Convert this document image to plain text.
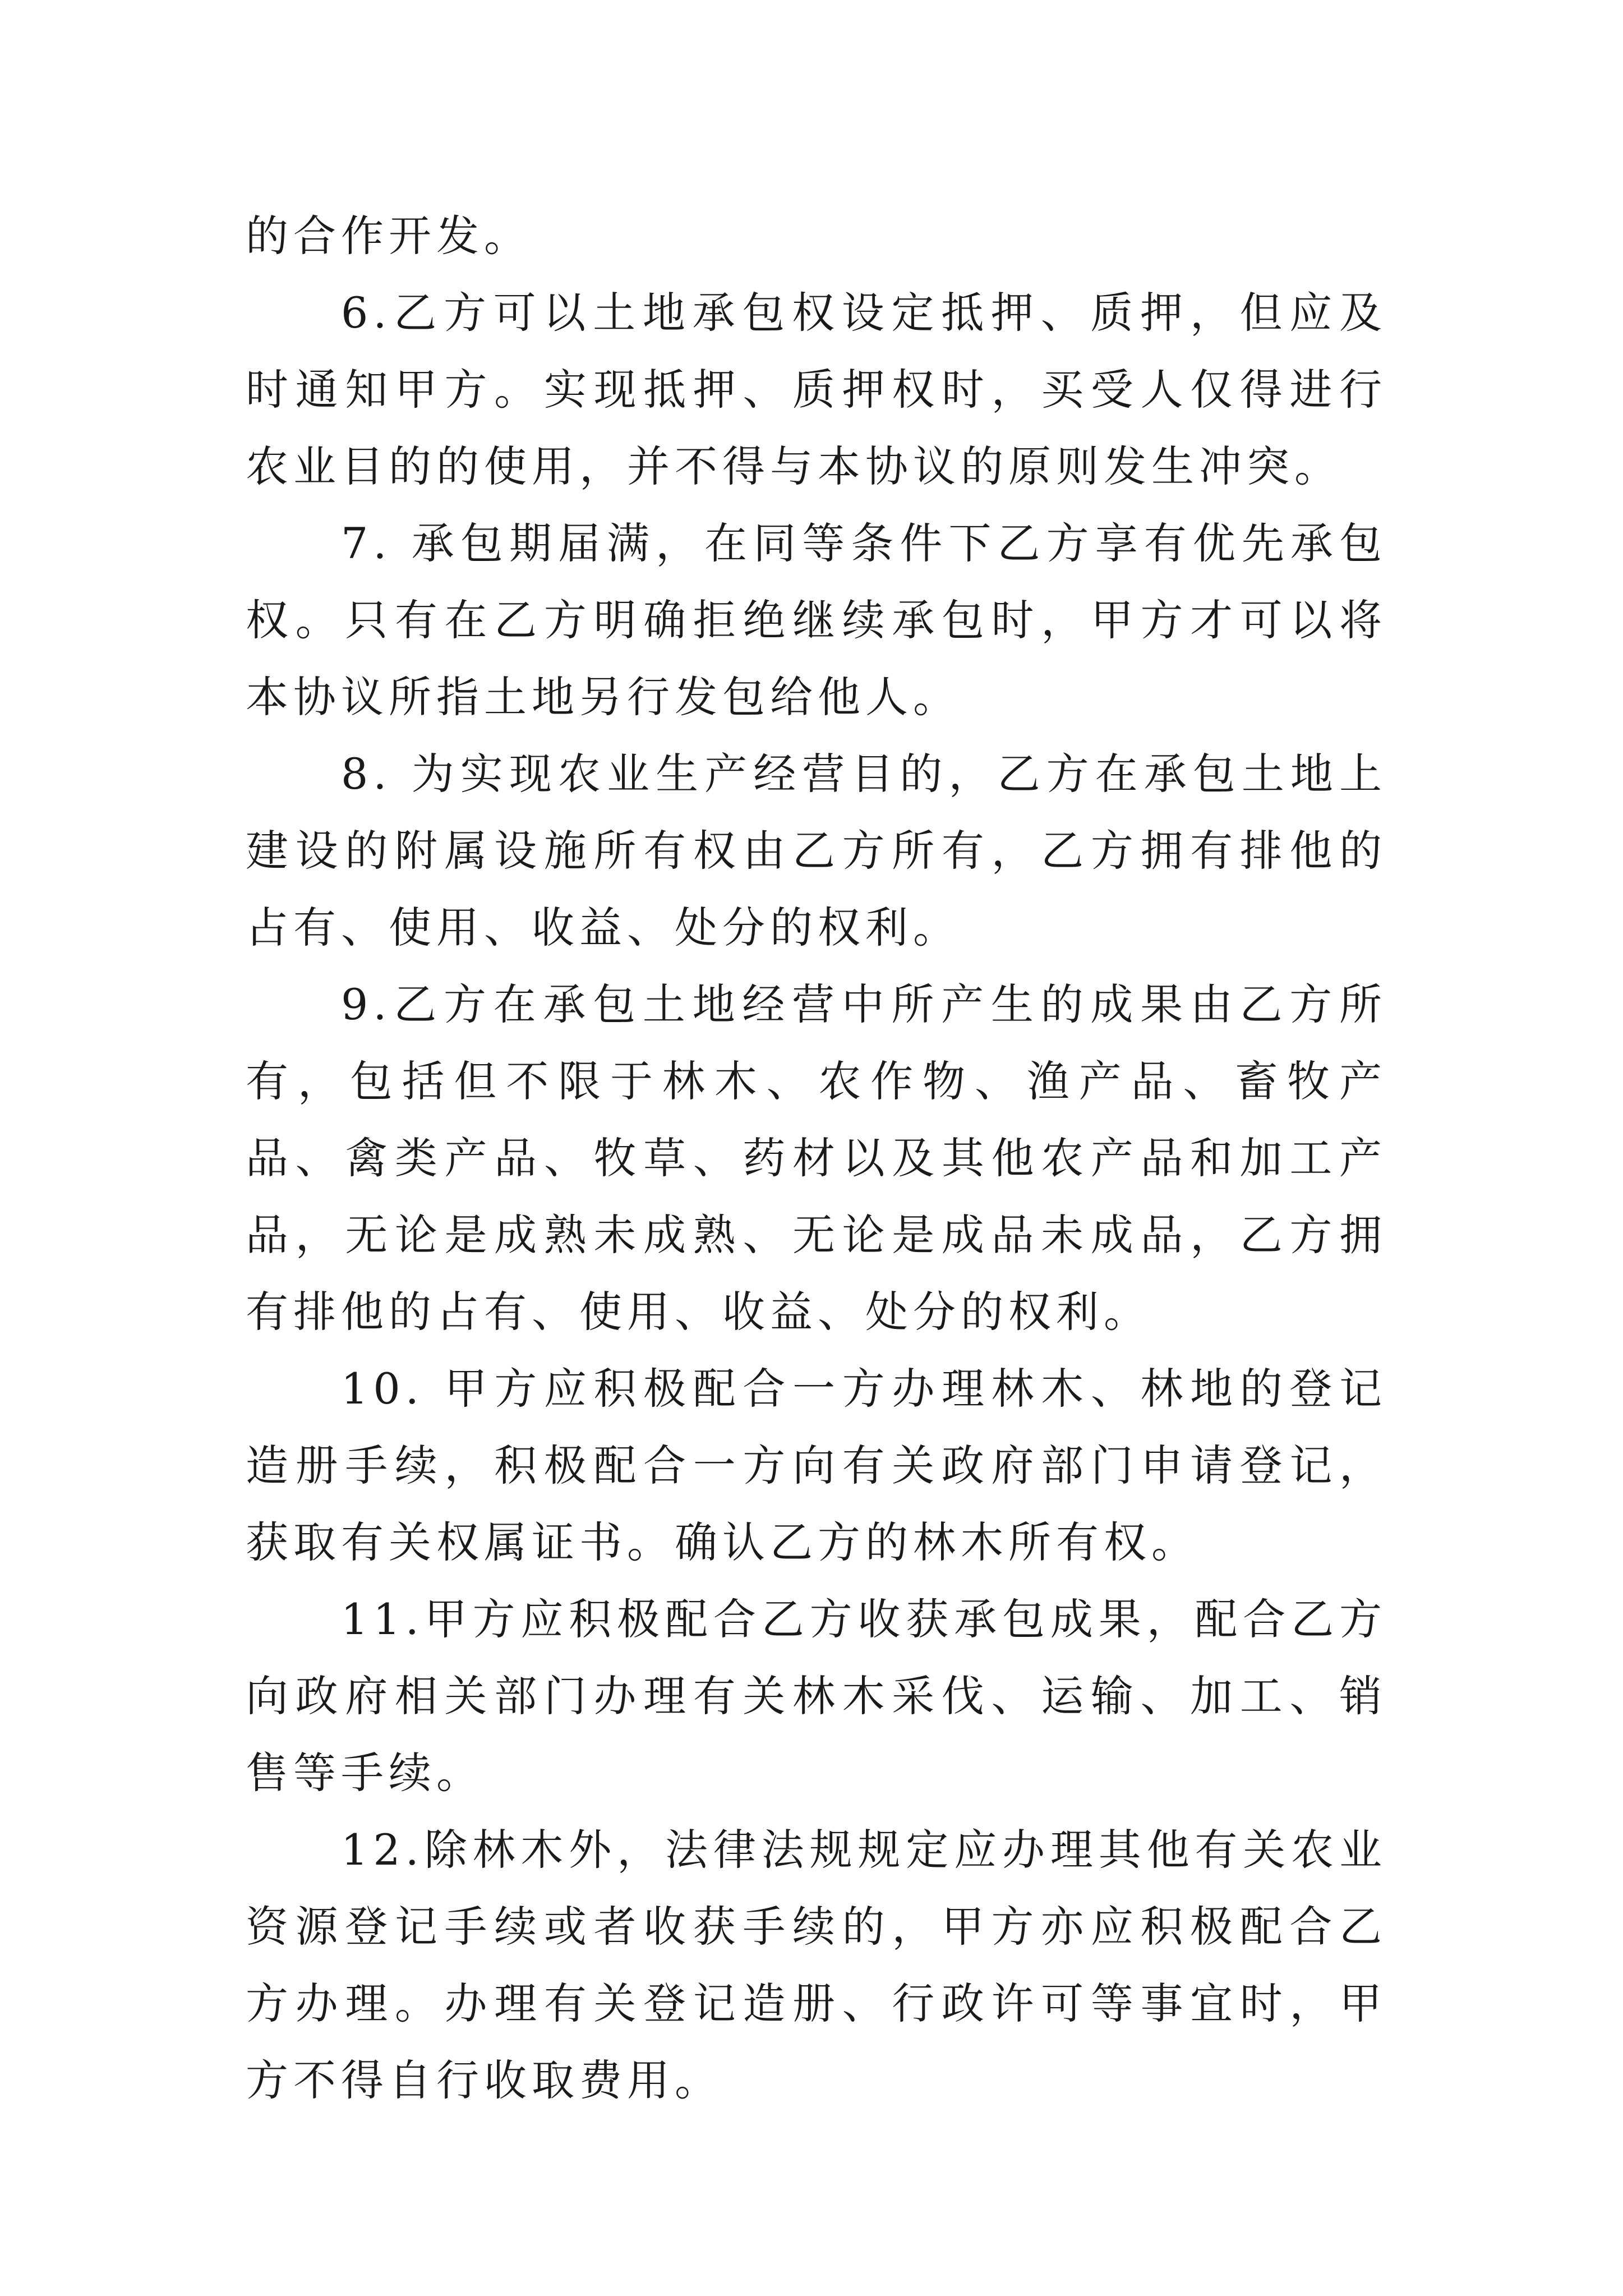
的合作开发。

6.乙方可以土地承包权设定抵押、质押，但应及时通知甲方。实现抵押、质押权时，买受人仅得进行农业目的的使用，并不得与本协议的原则发生冲突。

7. 承包期届满，在同等条件下乙方享有优先承包权。只有在乙方明确拒绝继续承包时，甲方才可以将本协议所指土地另行发包给他人。

8. 为实现农业生产经营目的，乙方在承包土地上建设的附属设施所有权由乙方所有，乙方拥有排他的占有、使用、收益、处分的权利。

9.乙方在承包土地经营中所产生的成果由乙方所有，包括但不限于林木、农作物、渔产品、畜牧产品、禽类产品、牧草、药材以及其他农产品和加工产品，无论是成熟未成熟、无论是成品未成品，乙方拥有排他的占有、使用、收益、处分的权利。

10. 甲方应积极配合一方办理林木、林地的登记造册手续，积极配合一方向有关政府部门申请登记，获取有关权属证书。确认乙方的林木所有权。

11.甲方应积极配合乙方收获承包成果，配合乙方向政府相关部门办理有关林木采伐、运输、加工、销售等手续。

12.除林木外，法律法规规定应办理其他有关农业资源登记手续或者收获手续的，甲方亦应积极配合乙方办理。办理有关登记造册、行政许可等事宜时，甲方不得自行收取费用。
